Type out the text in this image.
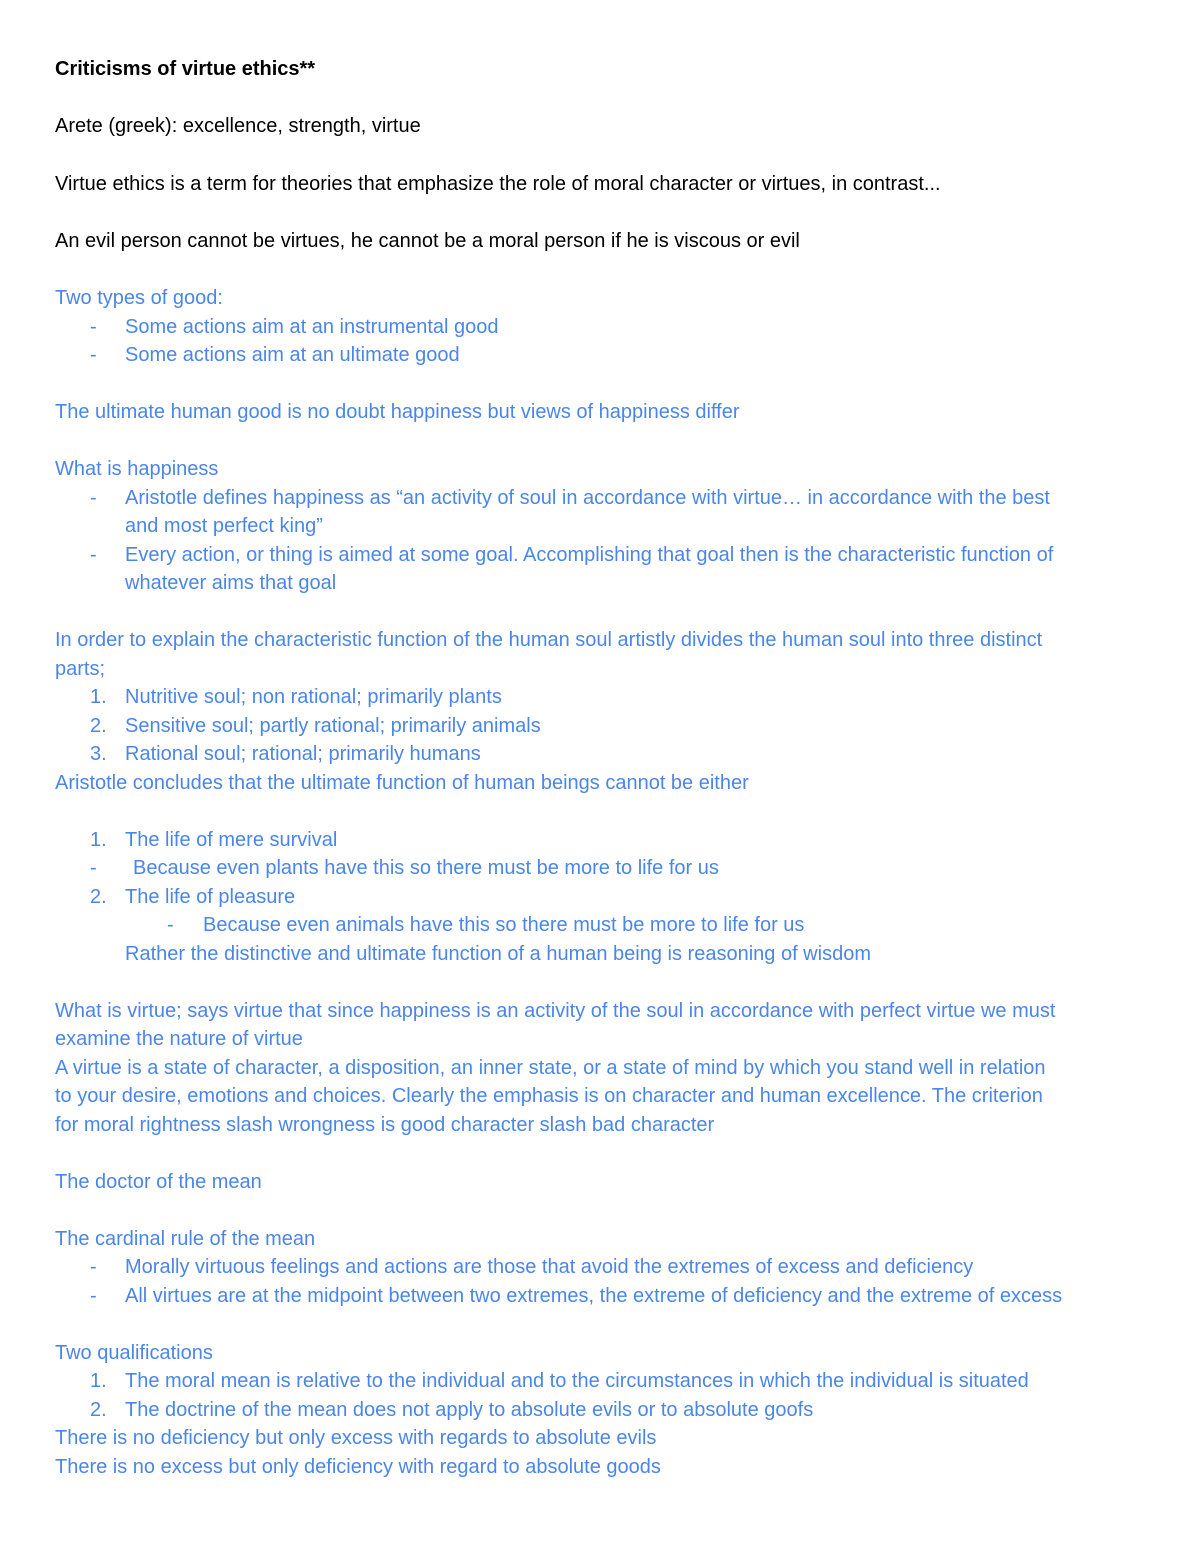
Criticisms of virtue ethics**

Arete (greek): excellence, strength, virtue

Virtue ethics is a term for theories that emphasize the role of moral character or virtues, in contrast...

An evil person cannot be virtues, he cannot be a moral person if he is viscous or evil

Two types of good:

- Some actions aim at an instrumental good

- Some actions aim at an ultimate good

The ultimate human good is no doubt happiness but views of happiness differ

What is happiness

- Aristotle defines happiness as “an activity of soul in accordance with virtue… in accordance with the best

and most perfect king”

- Every action, or thing is aimed at some goal. Accomplishing that goal then is the characteristic function of

whatever aims that goal

In order to explain the characteristic function of the human soul artistly divides the human soul into three distinct

parts;

1. Nutritive soul; non rational; primarily plants

2. Sensitive soul; partly rational; primarily animals

3. Rational soul; rational; primarily humans

Aristotle concludes that the ultimate function of human beings cannot be either

1. The life of mere survival

- Because even plants have this so there must be more to life for us

2. The life of pleasure

- Because even animals have this so there must be more to life for us

Rather the distinctive and ultimate function of a human being is reasoning of wisdom

What is virtue; says virtue that since happiness is an activity of the soul in accordance with perfect virtue we must

examine the nature of virtue

A virtue is a state of character, a disposition, an inner state, or a state of mind by which you stand well in relation

to your desire, emotions and choices. Clearly the emphasis is on character and human excellence. The criterion

for moral rightness slash wrongness is good character slash bad character

The doctor of the mean

The cardinal rule of the mean

- Morally virtuous feelings and actions are those that avoid the extremes of excess and deficiency

- All virtues are at the midpoint between two extremes, the extreme of deficiency and the extreme of excess

Two qualifications

1. The moral mean is relative to the individual and to the circumstances in which the individual is situated

2. The doctrine of the mean does not apply to absolute evils or to absolute goofs

There is no deficiency but only excess with regards to absolute evils

There is no excess but only deficiency with regard to absolute goods
